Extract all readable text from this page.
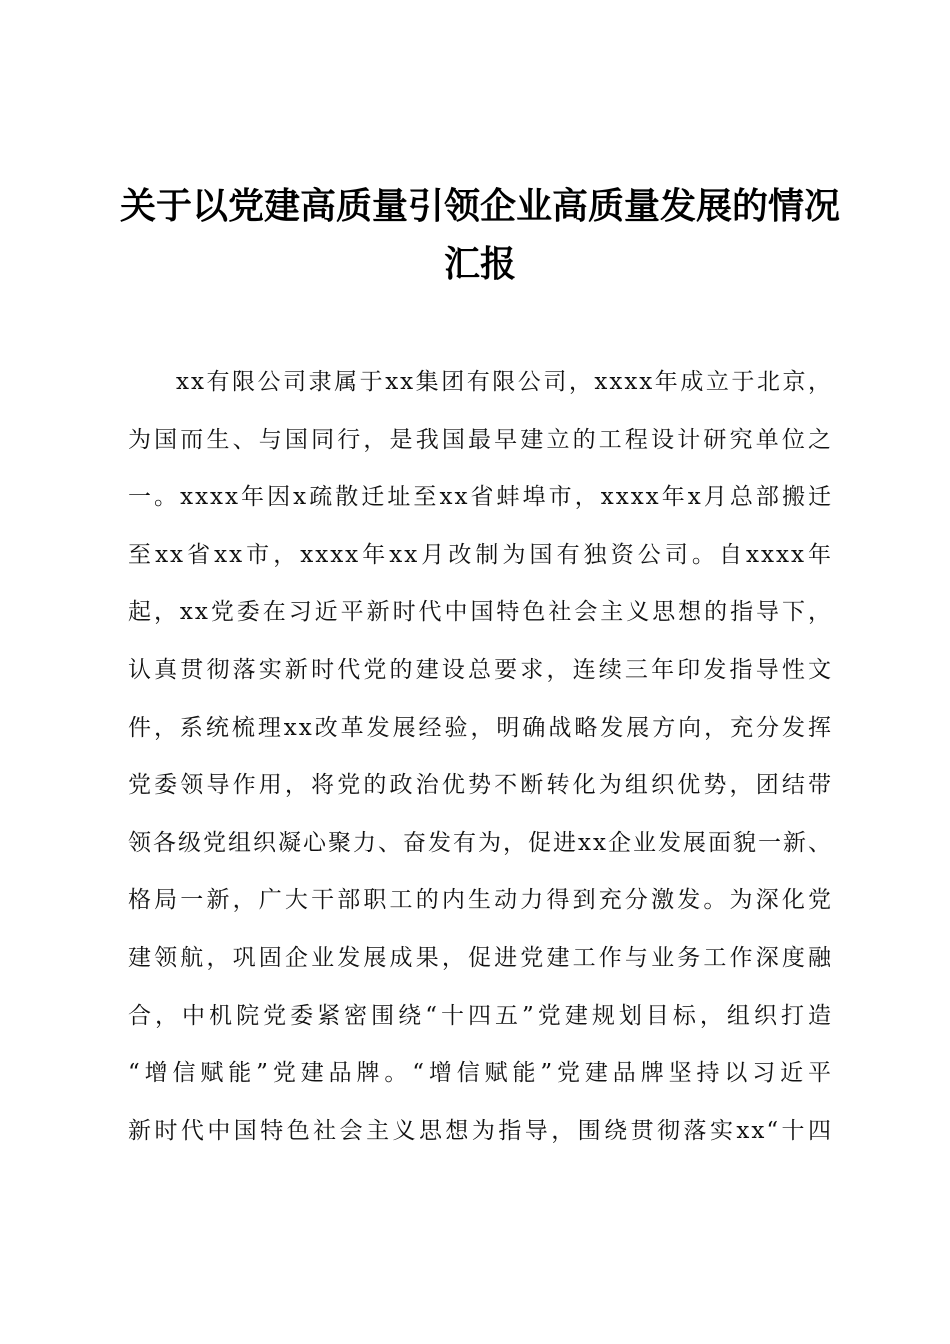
关于以党建高质量引领企业高质量发展的情况
汇报
xx有限公司隶属于xx集团有限公司，xxxx年成立于北京，
为国而生、与国同行，是我国最早建立的工程设计研究单位之
一。xxxx年因x疏散迁址至xx省蚌埠市，xxxx年x月总部搬迁
至xx省xx市，xxxx年xx月改制为国有独资公司。自xxxx年
起，xx党委在习近平新时代中国特色社会主义思想的指导下，
认真贯彻落实新时代党的建设总要求，连续三年印发指导性文
件，系统梳理xx改革发展经验，明确战略发展方向，充分发挥
党委领导作用，将党的政治优势不断转化为组织优势，团结带
领各级党组织凝心聚力、奋发有为，促进xx企业发展面貌一新、
格局一新，广大干部职工的内生动力得到充分激发。为深化党
建领航，巩固企业发展成果，促进党建工作与业务工作深度融
合，中机院党委紧密围绕“十四五”党建规划目标，组织打造
“增信赋能”党建品牌。“增信赋能”党建品牌坚持以习近平
新时代中国特色社会主义思想为指导，围绕贯彻落实xx“十四
